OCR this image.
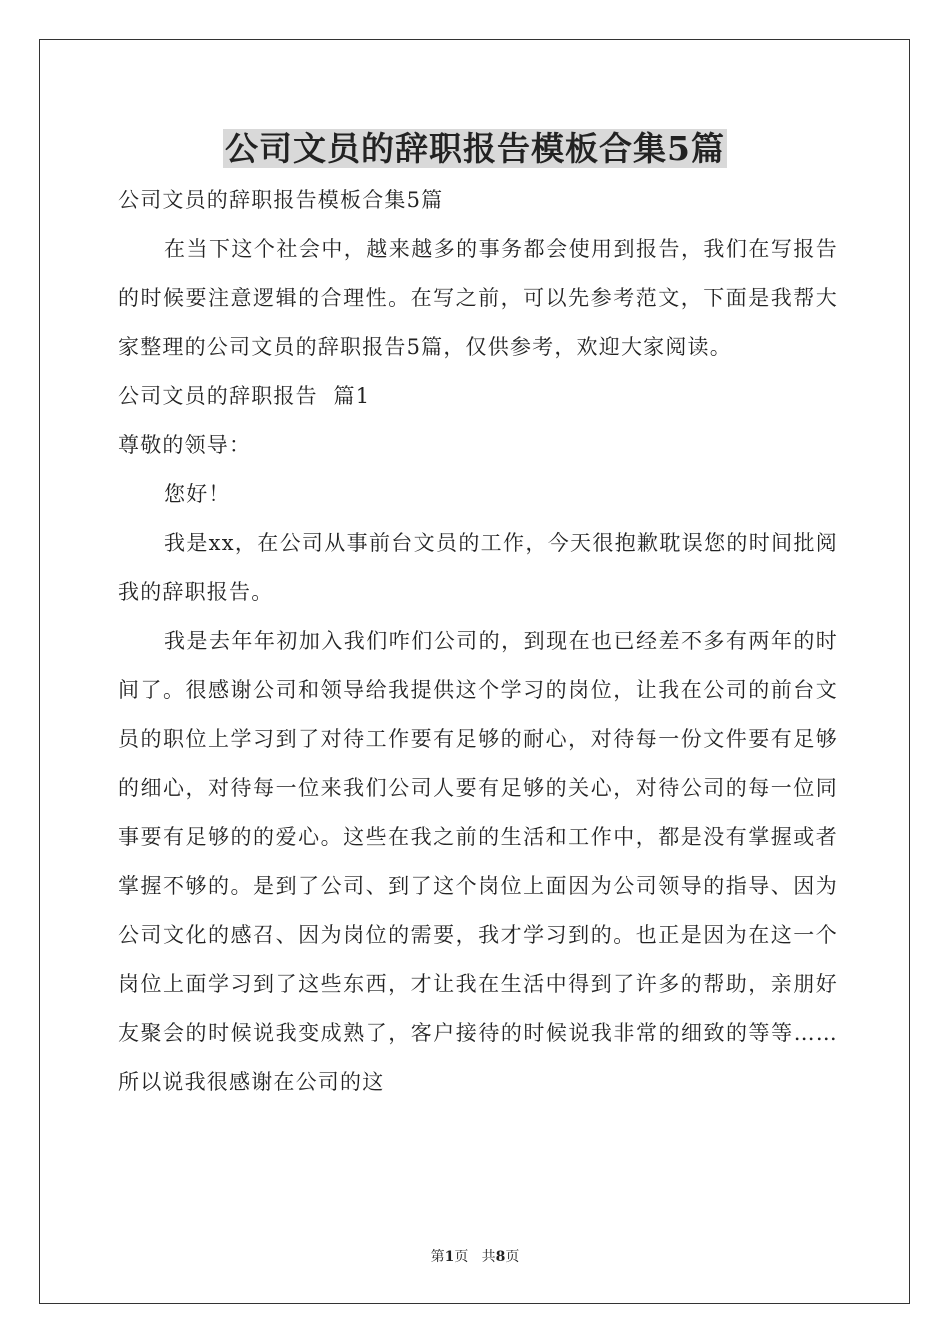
公司文员的辞职报告模板合集5篇

公司文员的辞职报告模板合集5篇

在当下这个社会中，越来越多的事务都会使用到报告，我们在写报告的时候要注意逻辑的合理性。在写之前，可以先参考范文，下面是我帮大家整理的公司文员的辞职报告5篇，仅供参考，欢迎大家阅读。

公司文员的辞职报告  篇1

尊敬的领导：

您好！

我是xx，在公司从事前台文员的工作，今天很抱歉耽误您的时间批阅我的辞职报告。

我是去年年初加入我们咋们公司的，到现在也已经差不多有两年的时间了。很感谢公司和领导给我提供这个学习的岗位，让我在公司的前台文员的职位上学习到了对待工作要有足够的耐心，对待每一份文件要有足够的细心，对待每一位来我们公司人要有足够的关心，对待公司的每一位同事要有足够的的爱心。这些在我之前的生活和工作中，都是没有掌握或者掌握不够的。是到了公司、到了这个岗位上面因为公司领导的指导、因为公司文化的感召、因为岗位的需要，我才学习到的。也正是因为在这一个岗位上面学习到了这些东西，才让我在生活中得到了许多的帮助，亲朋好友聚会的时候说我变成熟了，客户接待的时候说我非常的细致的等等……所以说我很感谢在公司的这

第1页   共8页
